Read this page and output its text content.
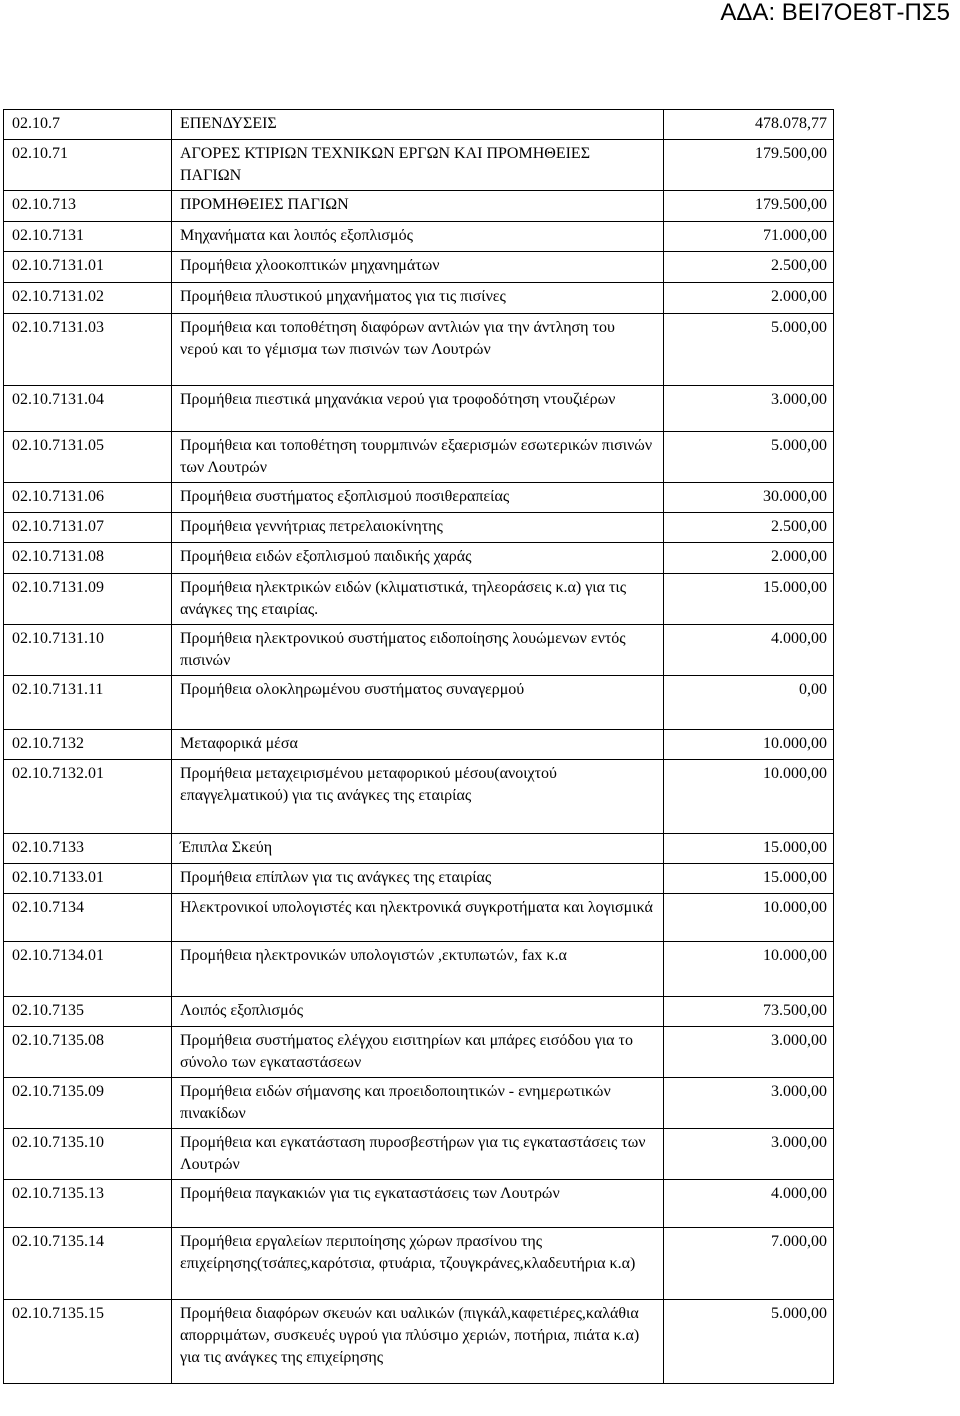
ΑΔΑ: ΒΕΙ7ΟΕ8Τ-ΠΣ5
02.10.7	ΕΠΕΝΔΥΣΕΙΣ	478.078,77
02.10.71	ΑΓΟΡΕΣ ΚΤΙΡΙΩΝ ΤΕΧΝΙΚΩΝ ΕΡΓΩΝ ΚΑΙ ΠΡΟΜΗΘΕΙΕΣ ΠΑΓΙΩΝ	179.500,00
02.10.713	ΠΡΟΜΗΘΕΙΕΣ ΠΑΓΙΩΝ	179.500,00
02.10.7131	Μηχανήματα και λοιπός εξοπλισμός	71.000,00
02.10.7131.01	Προμήθεια χλοοκοπτικών μηχανημάτων	2.500,00
02.10.7131.02	Προμήθεια πλυστικού μηχανήματος για τις πισίνες	2.000,00
02.10.7131.03	Προμήθεια και τοποθέτηση διαφόρων αντλιών για την άντληση του νερού και το γέμισμα των πισινών των Λουτρών	5.000,00
02.10.7131.04	Προμήθεια πιεστικά μηχανάκια νερού για τροφοδότηση ντουζιέρων	3.000,00
02.10.7131.05	Προμήθεια και τοποθέτηση τουρμπινών εξαερισμών εσωτερικών πισινών των Λουτρών	5.000,00
02.10.7131.06	Προμήθεια συστήματος εξοπλισμού ποσιθεραπείας	30.000,00
02.10.7131.07	Προμήθεια γεννήτριας πετρελαιοκίνητης	2.500,00
02.10.7131.08	Προμήθεια ειδών εξοπλισμού παιδικής χαράς	2.000,00
02.10.7131.09	Προμήθεια ηλεκτρικών ειδών (κλιματιστικά, τηλεοράσεις κ.α) για τις ανάγκες της εταιρίας.	15.000,00
02.10.7131.10	Προμήθεια ηλεκτρονικού συστήματος ειδοποίησης λουώμενων εντός πισινών	4.000,00
02.10.7131.11	Προμήθεια ολοκληρωμένου συστήματος συναγερμού	0,00
02.10.7132	Μεταφορικά μέσα	10.000,00
02.10.7132.01	Προμήθεια μεταχειρισμένου μεταφορικού μέσου(ανοιχτού επαγγελματικού) για τις ανάγκες της εταιρίας	10.000,00
02.10.7133	Έπιπλα Σκεύη	15.000,00
02.10.7133.01	Προμήθεια επίπλων για τις ανάγκες της εταιρίας	15.000,00
02.10.7134	Ηλεκτρονικοί υπολογιστές και ηλεκτρονικά συγκροτήματα και λογισμικά	10.000,00
02.10.7134.01	Προμήθεια ηλεκτρονικών υπολογιστών ,εκτυπωτών, fax κ.α	10.000,00
02.10.7135	Λοιπός εξοπλισμός	73.500,00
02.10.7135.08	Προμήθεια συστήματος ελέγχου εισιτηρίων και μπάρες εισόδου για το σύνολο των εγκαταστάσεων	3.000,00
02.10.7135.09	Προμήθεια ειδών σήμανσης και προειδοποιητικών - ενημερωτικών πινακίδων	3.000,00
02.10.7135.10	Προμήθεια και εγκατάσταση πυροσβεστήρων για τις εγκαταστάσεις των Λουτρών	3.000,00
02.10.7135.13	Προμήθεια παγκακιών για τις εγκαταστάσεις των Λουτρών	4.000,00
02.10.7135.14	Προμήθεια εργαλείων περιποίησης χώρων πρασίνου της επιχείρησης(τσάπες,καρότσια, φτυάρια, τζουγκράνες,κλαδευτήρια κ.α)	7.000,00
02.10.7135.15	Προμήθεια διαφόρων σκευών και υαλικών (πιγκάλ,καφετιέρες,καλάθια απορριμάτων, συσκευές υγρού για πλύσιμο χεριών, ποτήρια, πιάτα κ.α) για τις ανάγκες της επιχείρησης	5.000,00
